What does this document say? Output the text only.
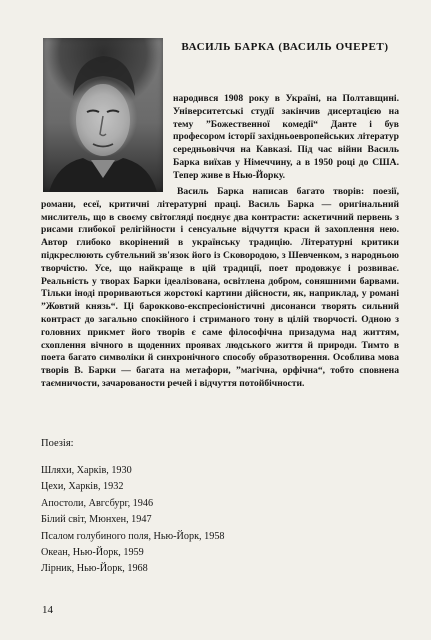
ВАСИЛЬ БАРКА (ВАСИЛЬ ОЧЕРЕТ)
народився 1908 року в Україні, на Полтавщині. Університетські студії закінчив дисертацією на тему ”Божественної комедії“ Данте і був професором історії західньоевропейських літератур середньовіччя на Кавказі. Під час війни Василь Барка виїхав у Німеччину, а в 1950 році до США. Тепер живе в Нью-Йорку.

Василь Барка написав багато творів: поезії, романи, есеї, критичні літературні праці. Василь Барка — оригінальний мислитель, що в своєму світогляді поєднує два контрасти: аскетичний первень з рисами глибокої релігійности і сенсуальне відчуття краси й захоплення нею. Автор глибоко вкорінений в українську традицію. Літературні критики підкреслюють субтельний зв'язок його із Сковородою, з Шевченком, з народньою творчістю. Усе, що найкраще в цій традиції, поет продовжує і розвиває. Реальність у творах Барки ідеалізована, освітлена добром, соняшними барвами. Тільки іноді прориваються жорстокі картини дійсности, як, наприклад, у романі ”Жовтий князь“. Ці барокково-експресіоністичні дисонанси творять сильний контраст до загально спокійного і стриманого тону в цілій творчості. Одною з головних прикмет його творів є саме філософічна призадума над життям, схоплення вічного в щоденних проявах людського життя й природи. Тимто в поета багато символіки й синхронічного способу образотворення. Особлива мова творів В. Барки — багата на метафори, ”магічна, орфічна“, тобто сповнена таємничости, зачарованости речей і відчуття потойбічности.

Поезія:
Шляхи, Харків, 1930
Цехи, Харків, 1932
Апостоли, Авгсбург, 1946
Білий світ, Мюнхен, 1947
Псалом голубиного поля, Нью-Йорк, 1958
Океан, Нью-Йорк, 1959
Лірник, Нью-Йорк, 1968
14
